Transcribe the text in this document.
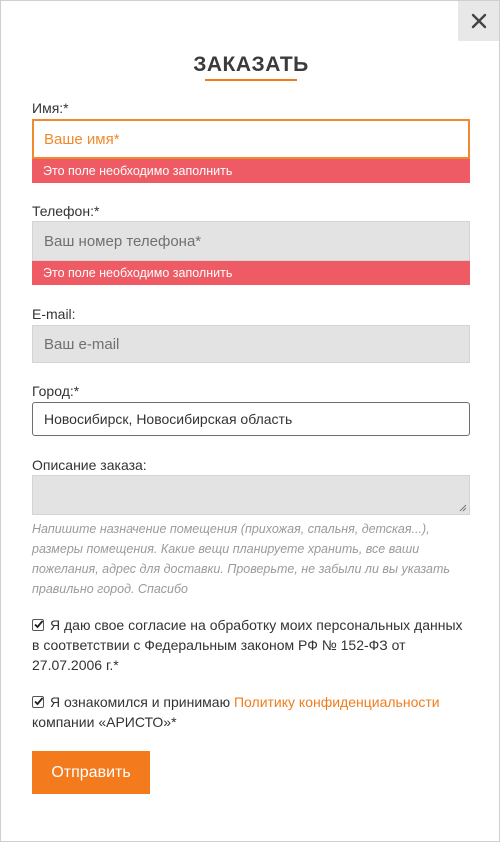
ЗАКАЗАТЬ
Имя:*
Ваше имя*
Это поле необходимо заполнить
Телефон:*
Ваш номер телефона*
Это поле необходимо заполнить
E-mail:
Ваш e-mail
Город:*
Новосибирск, Новосибирская область
Описание заказа:
Напишите назначение помещения (прихожая, спальня, детская...), размеры помещения. Какие вещи планируете хранить, все ваши пожелания, адрес для доставки. Проверьте, не забыли ли вы указать правильно город. Спасибо
Я даю свое согласие на обработку моих персональных данных в соответствии с Федеральным законом РФ № 152-ФЗ от 27.07.2006 г.*
Я ознакомился и принимаю Политику конфиденциальности
компании «АРИСТО»*
Отправить
